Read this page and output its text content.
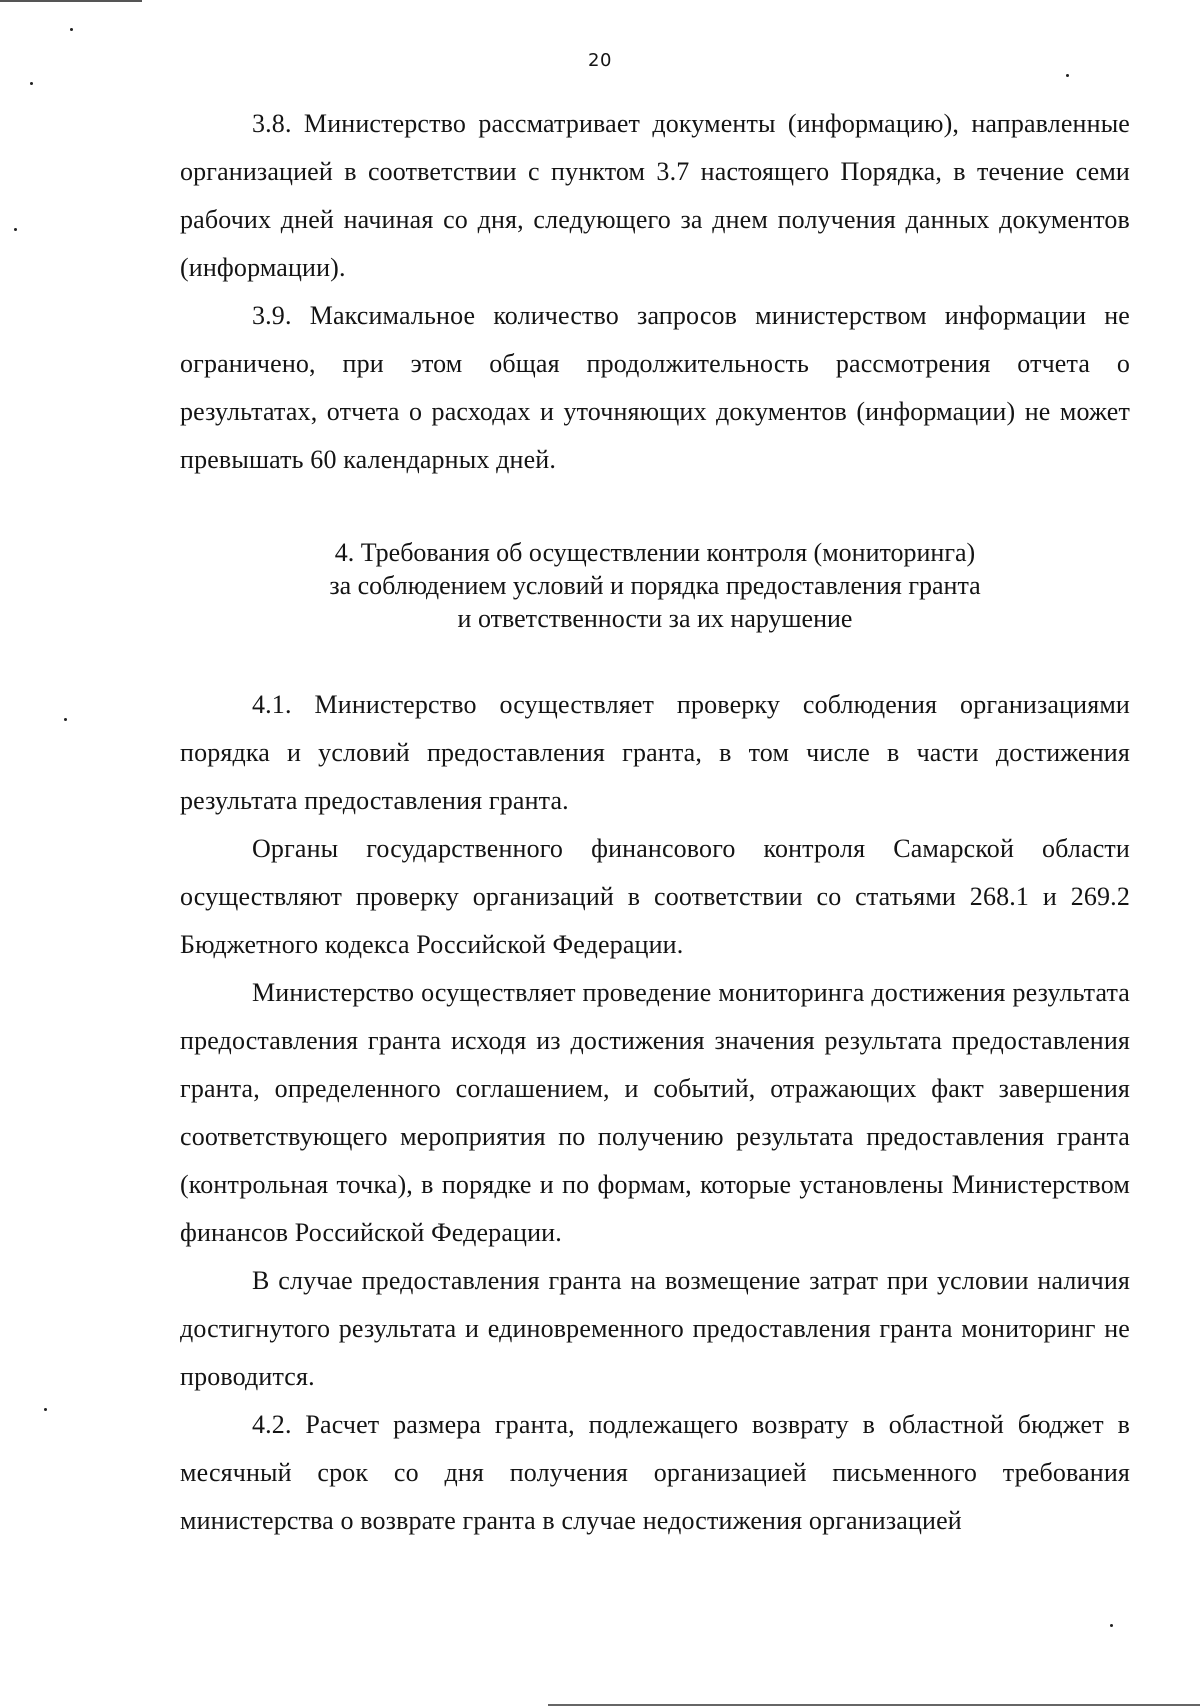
20

3.8. Министерство рассматривает документы (информацию), направленные организацией в соответствии с пунктом 3.7 настоящего Порядка, в течение семи рабочих дней начиная со дня, следующего за днем получения данных документов (информации).

3.9. Максимальное количество запросов министерством информации не ограничено, при этом общая продолжительность рассмотрения отчета о результатах, отчета о расходах и уточняющих документов (информации) не может превышать 60 календарных дней.

4. Требования об осуществлении контроля (мониторинга)
за соблюдением условий и порядка предоставления гранта
и ответственности за их нарушение

4.1. Министерство осуществляет проверку соблюдения организациями порядка и условий предоставления гранта, в том числе в части достижения результата предоставления гранта.

Органы государственного финансового контроля Самарской области осуществляют проверку организаций в соответствии со статьями 268.1 и 269.2 Бюджетного кодекса Российской Федерации.

Министерство осуществляет проведение мониторинга достижения результата предоставления гранта исходя из достижения значения результата предоставления гранта, определенного соглашением, и событий, отражающих факт завершения соответствующего мероприятия по получению результата предоставления гранта (контрольная точка), в порядке и по формам, которые установлены Министерством финансов Российской Федерации.

В случае предоставления гранта на возмещение затрат при условии наличия достигнутого результата и единовременного предоставления гранта мониторинг не проводится.

4.2. Расчет размера гранта, подлежащего возврату в областной бюджет в месячный срок со дня получения организацией письменного требования министерства о возврате гранта в случае недостижения организацией
